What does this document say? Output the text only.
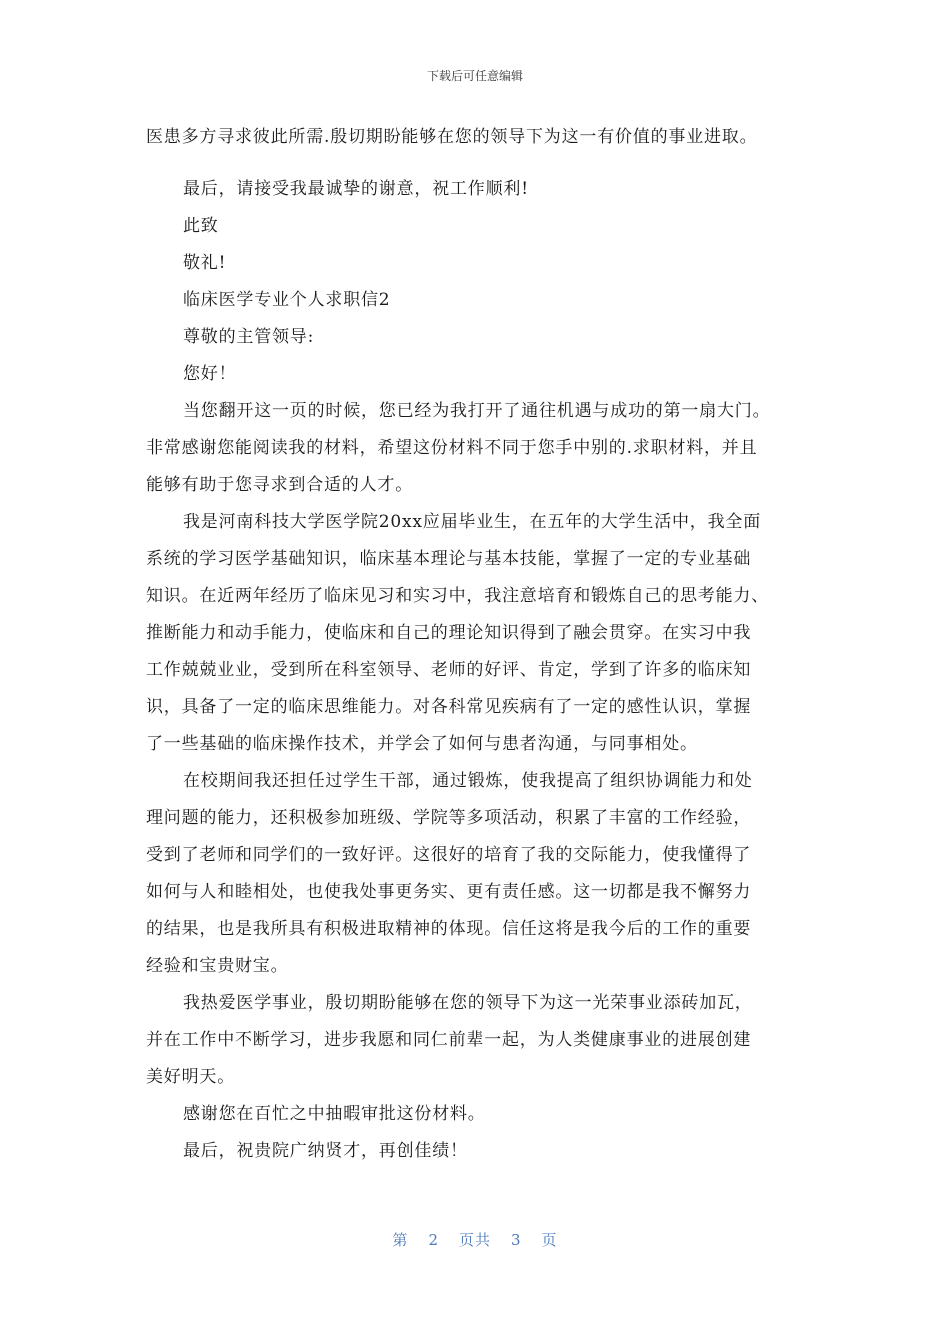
下载后可任意编辑

医患多方寻求彼此所需.殷切期盼能够在您的领导下为这一有价值的事业进取。

最后，请接受我最诚挚的谢意，祝工作顺利!

此致

敬礼!

临床医学专业个人求职信2

尊敬的主管领导:

您好！

当您翻开这一页的时候，您已经为我打开了通往机遇与成功的第一扇大门。

非常感谢您能阅读我的材料，希望这份材料不同于您手中别的.求职材料，并且

能够有助于您寻求到合适的人才。

我是河南科技大学医学院20xx应届毕业生，在五年的大学生活中，我全面

系统的学习医学基础知识，临床基本理论与基本技能，掌握了一定的专业基础

知识。在近两年经历了临床见习和实习中，我注意培育和锻炼自己的思考能力、

推断能力和动手能力，使临床和自己的理论知识得到了融会贯穿。在实习中我

工作兢兢业业，受到所在科室领导、老师的好评、肯定，学到了许多的临床知

识，具备了一定的临床思维能力。对各科常见疾病有了一定的感性认识，掌握

了一些基础的临床操作技术，并学会了如何与患者沟通，与同事相处。

在校期间我还担任过学生干部，通过锻炼，使我提高了组织协调能力和处

理问题的能力，还积极参加班级、学院等多项活动，积累了丰富的工作经验，

受到了老师和同学们的一致好评。这很好的培育了我的交际能力，使我懂得了

如何与人和睦相处，也使我处事更务实、更有责任感。这一切都是我不懈努力

的结果，也是我所具有积极进取精神的体现。信任这将是我今后的工作的重要

经验和宝贵财宝。

我热爱医学事业，殷切期盼能够在您的领导下为这一光荣事业添砖加瓦，

并在工作中不断学习，进步我愿和同仁前辈一起，为人类健康事业的进展创建

美好明天。

感谢您在百忙之中抽暇审批这份材料。

最后，祝贵院广纳贤才，再创佳绩！

第 2 页共 3 页
